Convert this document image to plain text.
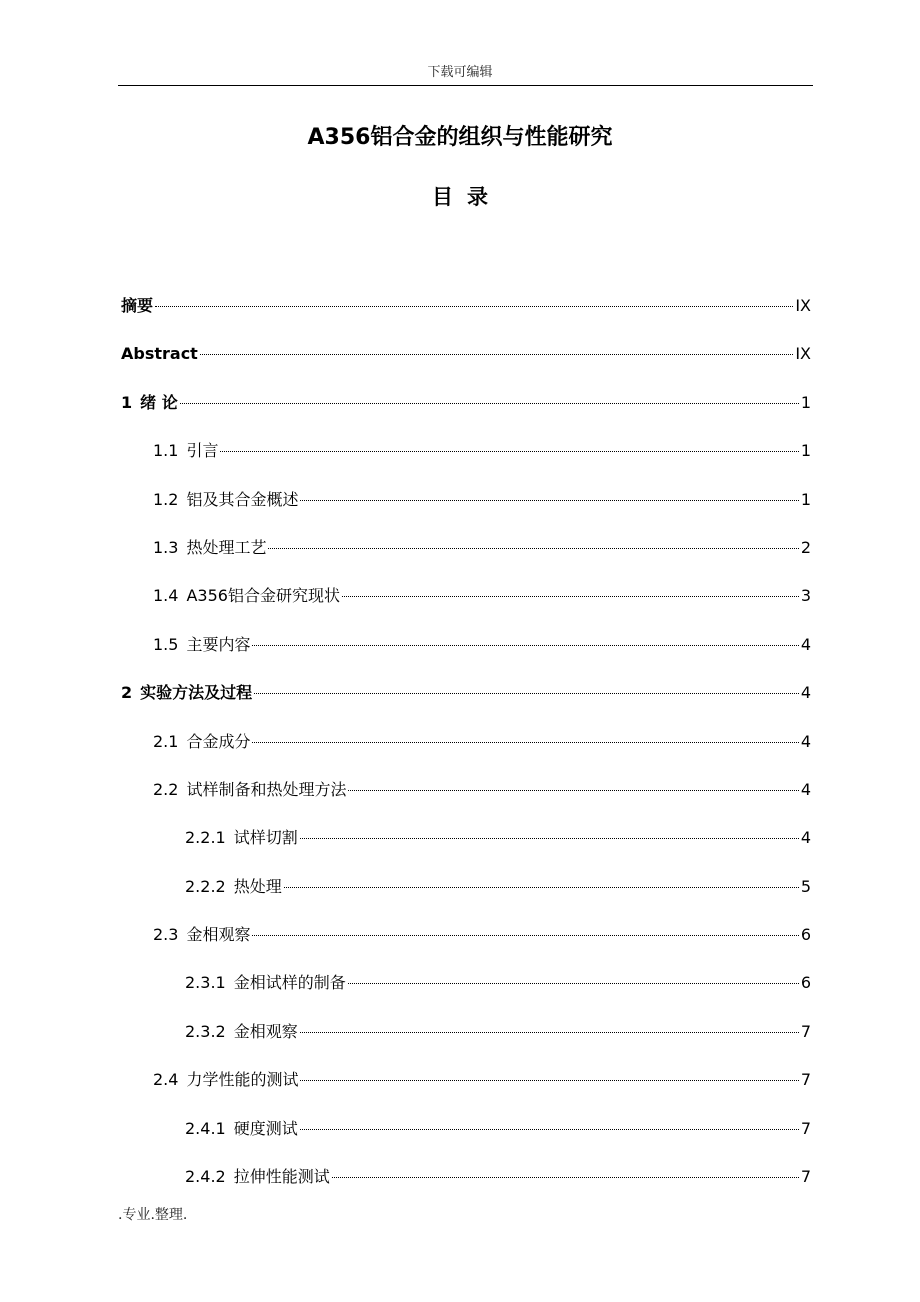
下载可编辑
A356铝合金的组织与性能研究
目录
摘要	IX
Abstract	IX
1 绪 论	1
1.1 引言	1
1.2 铝及其合金概述	1
1.3 热处理工艺	2
1.4 A356铝合金研究现状	3
1.5 主要内容	4
2 实验方法及过程	4
2.1 合金成分	4
2.2 试样制备和热处理方法	4
2.2.1 试样切割	4
2.2.2 热处理	5
2.3 金相观察	6
2.3.1 金相试样的制备	6
2.3.2 金相观察	7
2.4 力学性能的测试	7
2.4.1 硬度测试	7
2.4.2 拉伸性能测试	7
.专业.整理.
